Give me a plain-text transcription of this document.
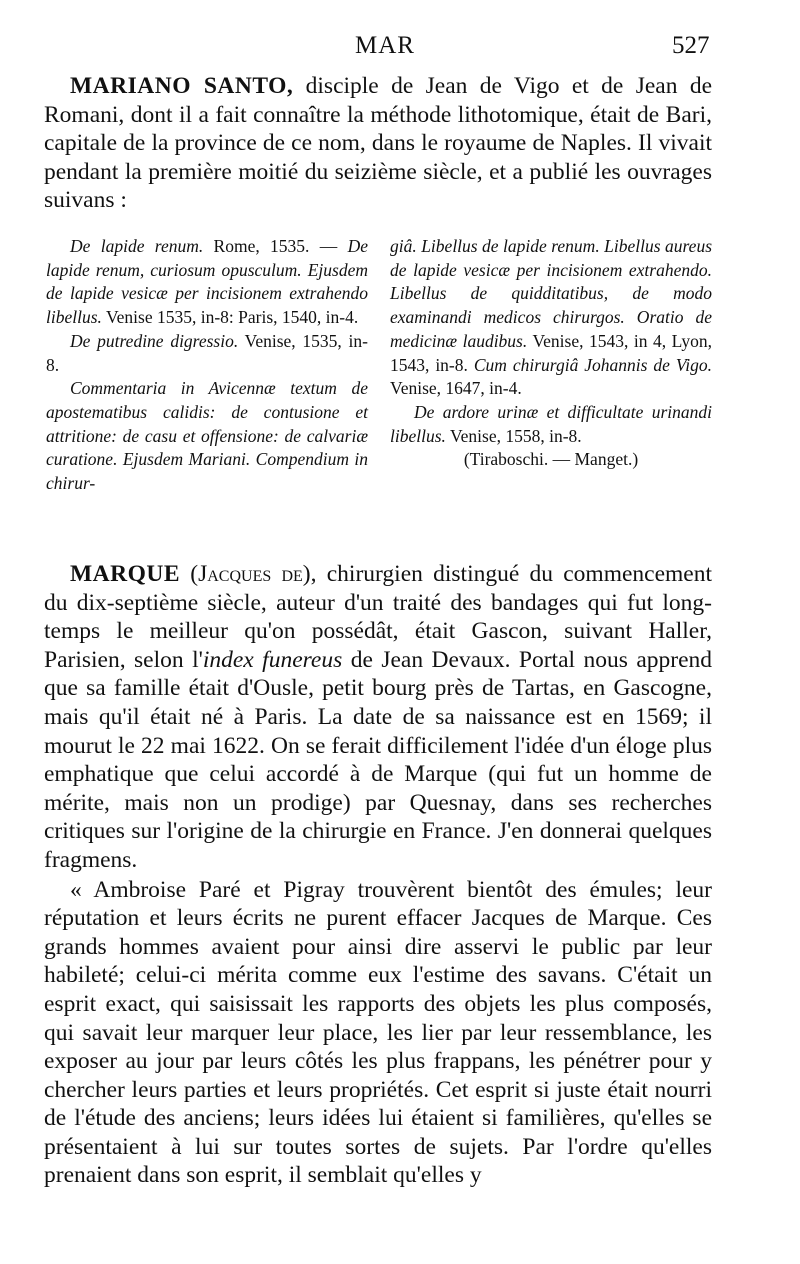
MAR	527

MARIANO SANTO, disciple de Jean de Vigo et de Jean de Romani, dont il a fait connaître la méthode lithotomique, était de Bari, capitale de la province de ce nom, dans le royaume de Naples. Il vivait pendant la première moitié du seizième siècle, et a publié les ouvrages suivans :

De lapide renum. Rome, 1535. — De lapide renum, curiosum opusculum. Ejusdem de lapide vesicæ per incisionem extrahendo libellus. Venise 1535, in-8: Paris, 1540, in-4.

De putredine digressio. Venise, 1535, in-8.

Commentaria in Avicennæ textum de apostematibus calidis: de contusione et attritione: de casu et offensione: de calvariæ curatione. Ejusdem Mariani. Compendium in chirur-

giâ. Libellus de lapide renum. Libellus aureus de lapide vesicæ per incisionem extrahendo. Libellus de quidditatibus, de modo examinandi medicos chirurgos. Oratio de medicinæ laudibus. Venise, 1543, in 4, Lyon, 1543, in-8. Cum chirurgiâ Johannis de Vigo. Venise, 1647, in-4.

De ardore urinæ et difficultate urinandi libellus. Venise, 1558, in-8.

(Tiraboschi. — Manget.)

MARQUE (Jacques de), chirurgien distingué du commencement du dix-septième siècle, auteur d'un traité des bandages qui fut long-temps le meilleur qu'on possédât, était Gascon, suivant Haller, Parisien, selon l'index funereus de Jean Devaux. Portal nous apprend que sa famille était d'Ousle, petit bourg près de Tartas, en Gascogne, mais qu'il était né à Paris. La date de sa naissance est en 1569; il mourut le 22 mai 1622. On se ferait difficilement l'idée d'un éloge plus emphatique que celui accordé à de Marque (qui fut un homme de mérite, mais non un prodige) par Quesnay, dans ses recherches critiques sur l'origine de la chirurgie en France. J'en donnerai quelques fragmens.

« Ambroise Paré et Pigray trouvèrent bientôt des émules; leur réputation et leurs écrits ne purent effacer Jacques de Marque. Ces grands hommes avaient pour ainsi dire asservi le public par leur habileté; celui-ci mérita comme eux l'estime des savans. C'était un esprit exact, qui saisissait les rapports des objets les plus composés, qui savait leur marquer leur place, les lier par leur ressemblance, les exposer au jour par leurs côtés les plus frappans, les pénétrer pour y chercher leurs parties et leurs propriétés. Cet esprit si juste était nourri de l'étude des anciens; leurs idées lui étaient si familières, qu'elles se présentaient à lui sur toutes sortes de sujets. Par l'ordre qu'elles prenaient dans son esprit, il semblait qu'elles y
